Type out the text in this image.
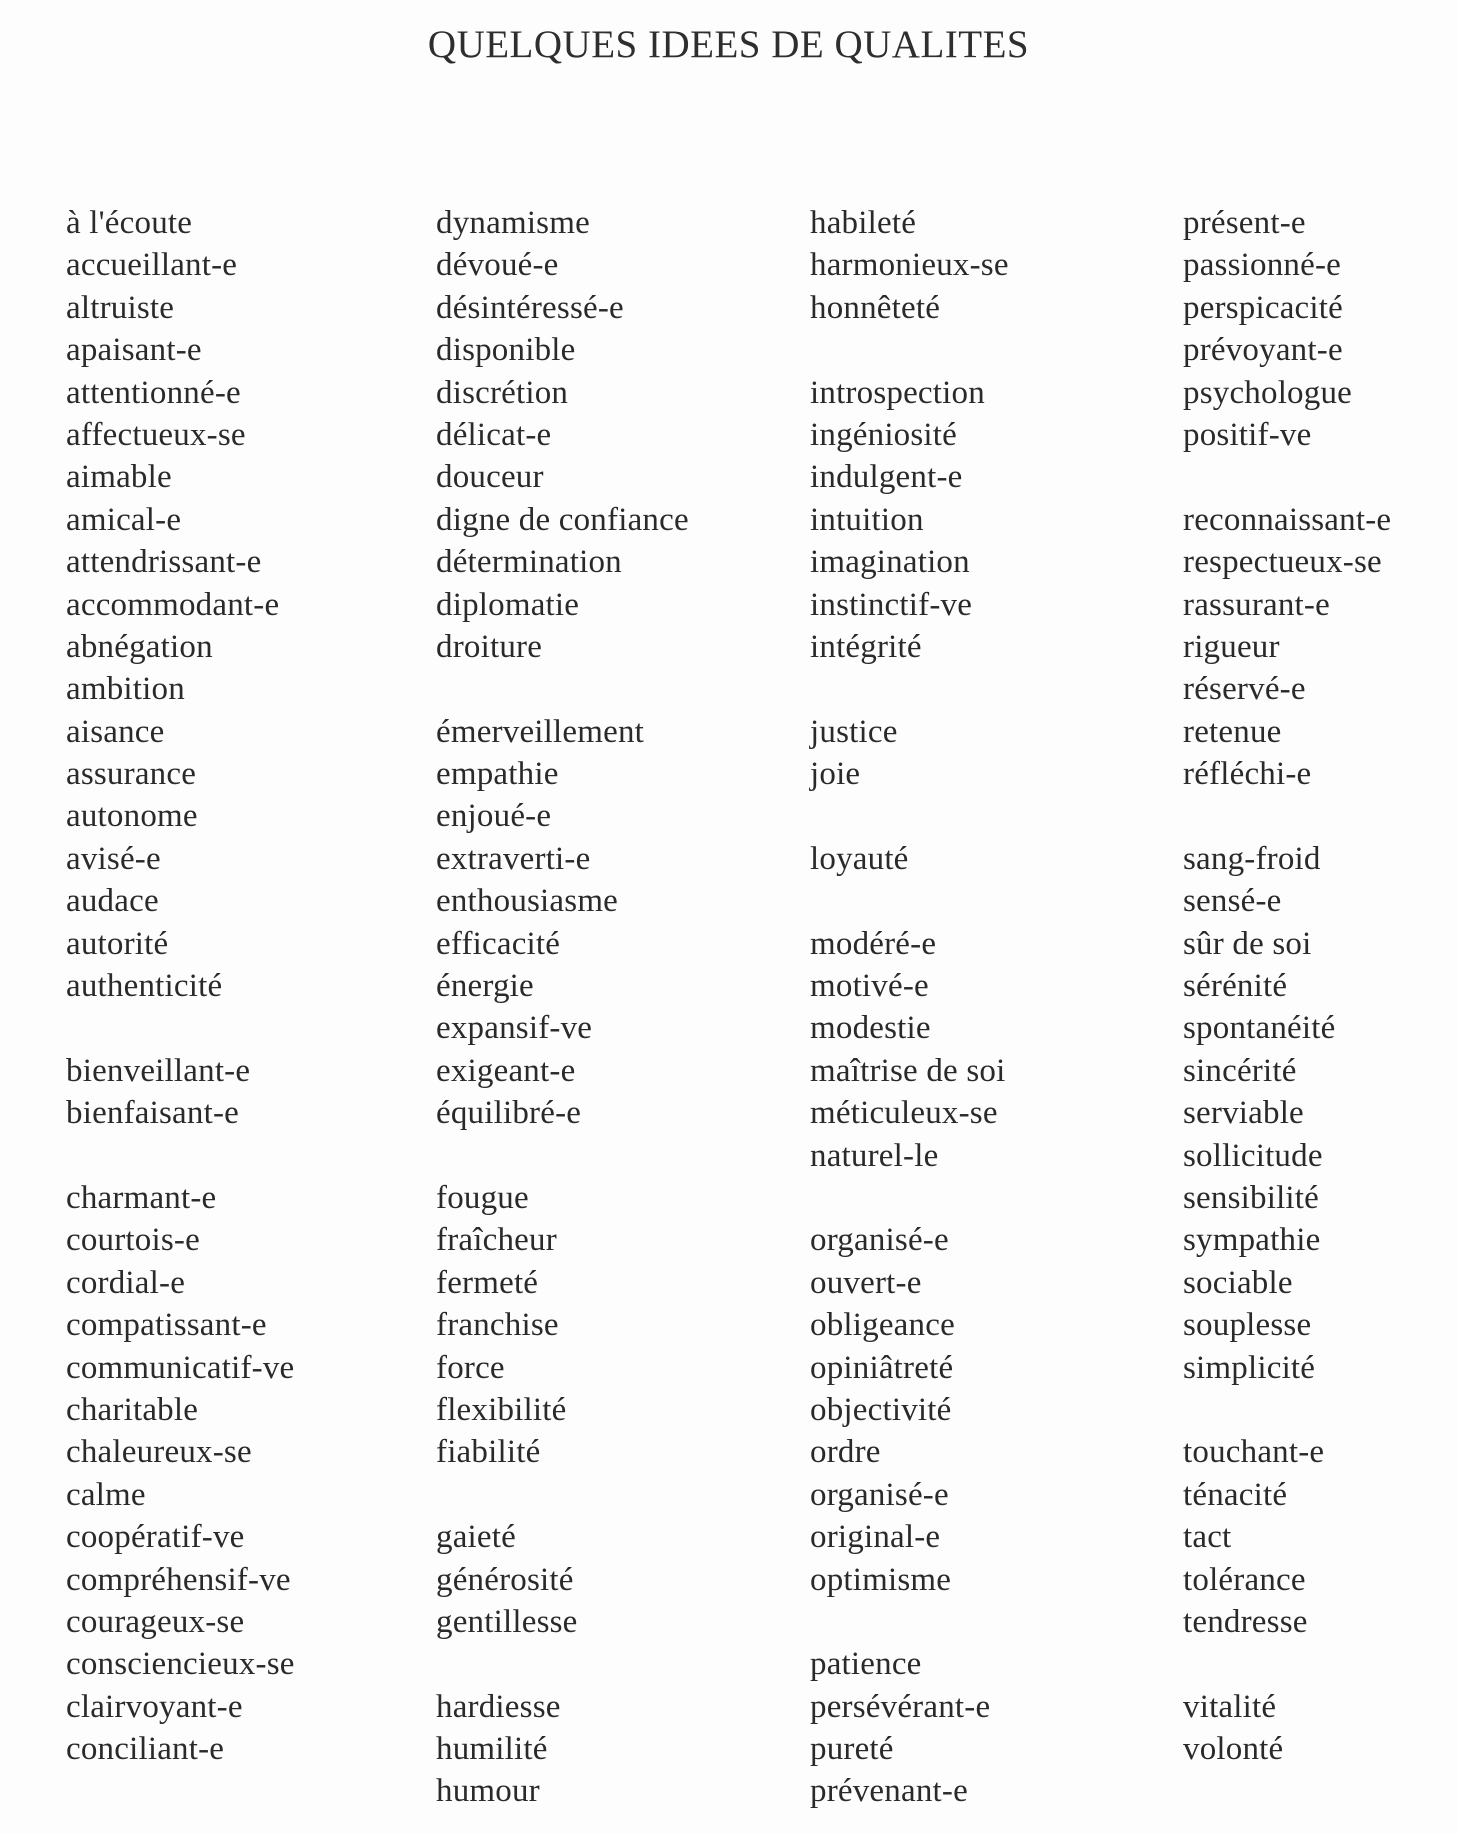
QUELQUES IDEES DE QUALITES
à l'écoute
accueillant-e
altruiste
apaisant-e
attentionné-e
affectueux-se
aimable
amical-e
attendrissant-e
accommodant-e
abnégation
ambition
aisance
assurance
autonome
avisé-e
audace
autorité
authenticité

bienveillant-e
bienfaisant-e

charmant-e
courtois-e
cordial-e
compatissant-e
communicatif-ve
charitable
chaleureux-se
calme
coopératif-ve
compréhensif-ve
courageux-se
consciencieux-se
clairvoyant-e
conciliant-e
dynamisme
dévoué-e
désintéressé-e
disponible
discrétion
délicat-e
douceur
digne de confiance
détermination
diplomatie
droiture

émerveillement
empathie
enjoué-e
extraverti-e
enthousiasme
efficacité
énergie
expansif-ve
exigeant-e
équilibré-e

fougue
fraîcheur
fermeté
franchise
force
flexibilité
fiabilité

gaieté
générosité
gentillesse

hardiesse
humilité
humour
habileté
harmonieux-se
honnêteté

introspection
ingéniosité
indulgent-e
intuition
imagination
instinctif-ve
intégrité

justice
joie

loyauté

modéré-e
motivé-e
modestie
maîtrise de soi
méticuleux-se
naturel-le

organisé-e
ouvert-e
obligeance
opiniâtreté
objectivité
ordre
organisé-e
original-e
optimisme

patience
persévérant-e
pureté
prévenant-e
présent-e
passionné-e
perspicacité
prévoyant-e
psychologue
positif-ve

reconnaissant-e
respectueux-se
rassurant-e
rigueur
réservé-e
retenue
réfléchi-e

sang-froid
sensé-e
sûr de soi
sérénité
spontanéité
sincérité
serviable
sollicitude
sensibilité
sympathie
sociable
souplesse
simplicité

touchant-e
ténacité
tact
tolérance
tendresse

vitalité
volonté
